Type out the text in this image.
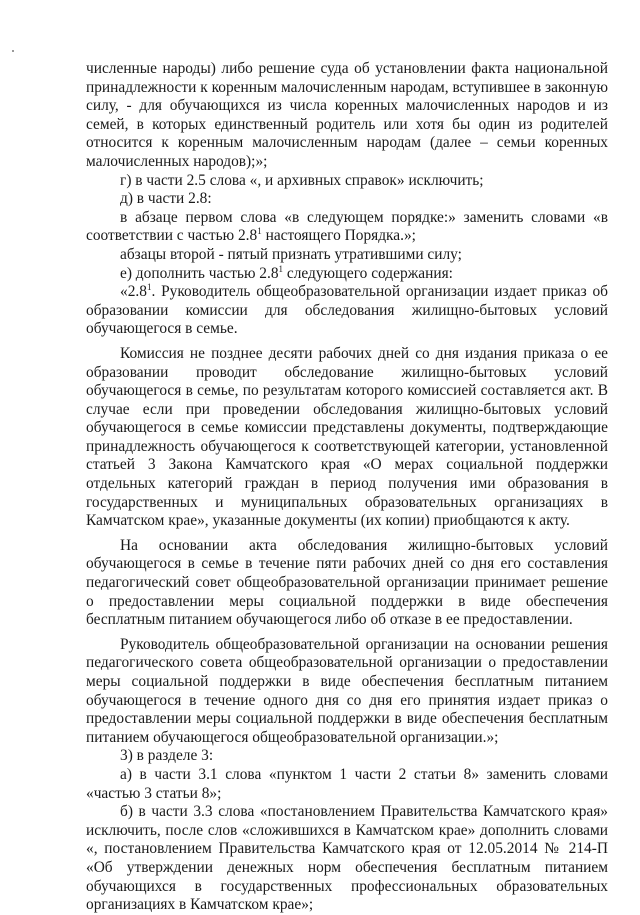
численные народы) либо решение суда об установлении факта национальной принадлежности к коренным малочисленным народам, вступившее в законную силу, - для обучающихся из числа коренных малочисленных народов и из семей, в которых единственный родитель или хотя бы один из родителей относится к коренным малочисленным народам (далее – семьи коренных малочисленных народов);»;

г) в части 2.5 слова «, и архивных справок» исключить;

д) в части 2.8:

в абзаце первом слова «в следующем порядке:» заменить словами «в соответствии с частью $2.8^1$ настоящего Порядка.»;

абзацы второй - пятый признать утратившими силу;

е) дополнить частью $2.8^1$ следующего содержания:

«$2.8^1$. Руководитель общеобразовательной организации издает приказ об образовании комиссии для обследования жилищно-бытовых условий обучающегося в семье.

Комиссия не позднее десяти рабочих дней со дня издания приказа о ее образовании проводит обследование жилищно-бытовых условий обучающегося в семье, по результатам которого комиссией составляется акт. В случае если при проведении обследования жилищно-бытовых условий обучающегося в семье комиссии представлены документы, подтверждающие принадлежность обучающегося к соответствующей категории, установленной статьей 3 Закона Камчатского края «О мерах социальной поддержки отдельных категорий граждан в период получения ими образования в государственных и муниципальных образовательных организациях в Камчатском крае», указанные документы (их копии) приобщаются к акту.

На основании акта обследования жилищно-бытовых условий обучающегося в семье в течение пяти рабочих дней со дня его составления педагогический совет общеобразовательной организации принимает решение о предоставлении меры социальной поддержки в виде обеспечения бесплатным питанием обучающегося либо об отказе в ее предоставлении.

Руководитель общеобразовательной организации на основании решения педагогического совета общеобразовательной организации о предоставлении меры социальной поддержки в виде обеспечения бесплатным питанием обучающегося в течение одного дня со дня его принятия издает приказ о предоставлении меры социальной поддержки в виде обеспечения бесплатным питанием обучающегося общеобразовательной организации.»;

3) в разделе 3:

а) в части 3.1 слова «пунктом 1 части 2 статьи 8» заменить словами «частью 3 статьи 8»;

б) в части 3.3 слова «постановлением Правительства Камчатского края» исключить, после слов «сложившихся в Камчатском крае» дополнить словами «, постановлением Правительства Камчатского края от 12.05.2014 № 214-П «Об утверждении денежных норм обеспечения бесплатным питанием обучающихся в государственных профессиональных образовательных организациях в Камчатском крае»;
